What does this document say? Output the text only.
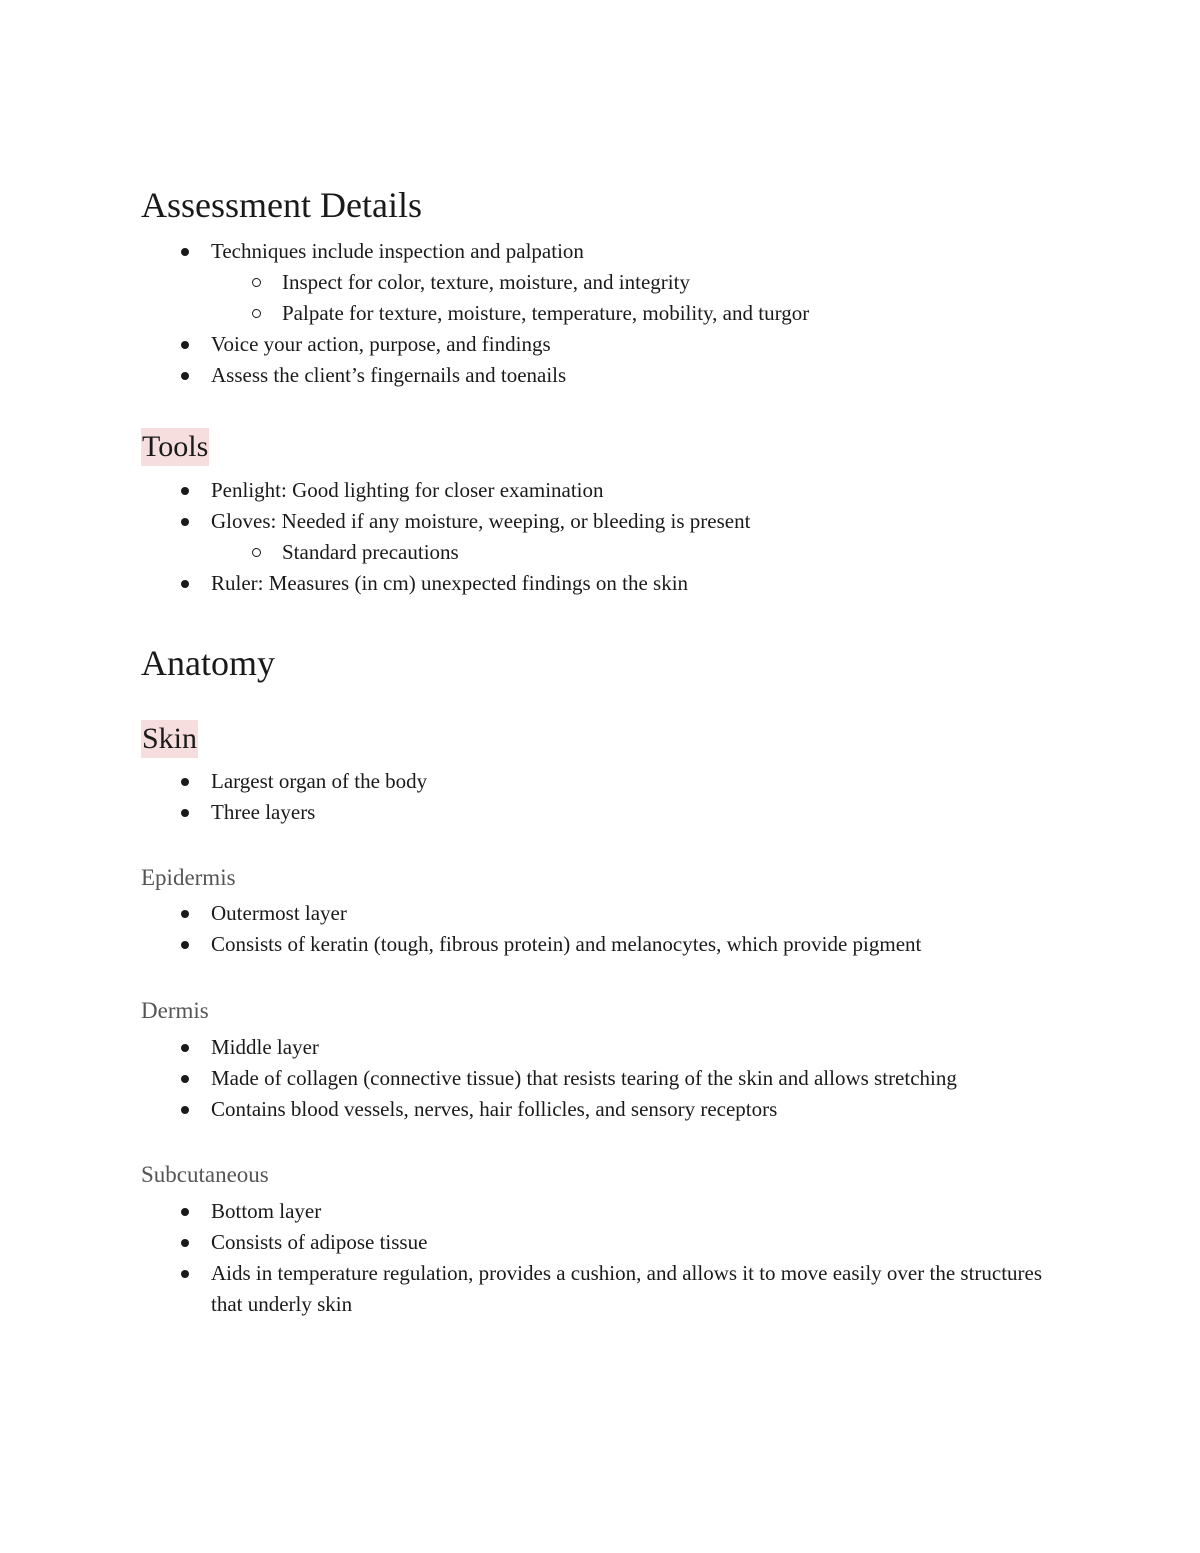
Assessment Details
Techniques include inspection and palpation
Inspect for color, texture, moisture, and integrity
Palpate for texture, moisture, temperature, mobility, and turgor
Voice your action, purpose, and findings
Assess the client’s fingernails and toenails
Tools
Penlight: Good lighting for closer examination
Gloves: Needed if any moisture, weeping, or bleeding is present
Standard precautions
Ruler: Measures (in cm) unexpected findings on the skin
Anatomy
Skin
Largest organ of the body
Three layers
Epidermis
Outermost layer
Consists of keratin (tough, fibrous protein) and melanocytes, which provide pigment
Dermis
Middle layer
Made of collagen (connective tissue) that resists tearing of the skin and allows stretching
Contains blood vessels, nerves, hair follicles, and sensory receptors
Subcutaneous
Bottom layer
Consists of adipose tissue
Aids in temperature regulation, provides a cushion, and allows it to move easily over the structures that underly skin
